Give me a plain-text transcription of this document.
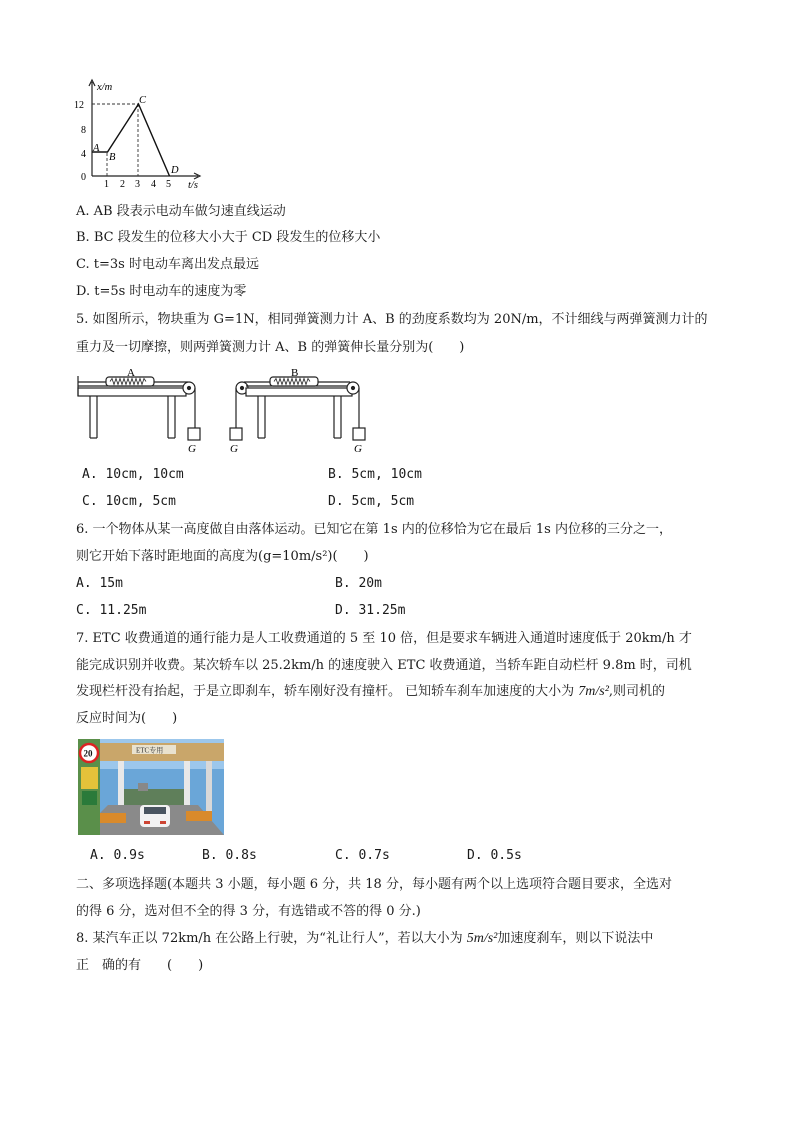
12
8
4
0
1 2 3 4 5
x/m
t/s
A
B
C
D
A. AB 段表示电动车做匀速直线运动
B. BC 段发生的位移大小大于 CD 段发生的位移大小
C. t=3s 时电动车离出发点最远
D. t=5s 时电动车的速度为零
5. 如图所示，物块重为 G=1N，相同弹簧测力计 A、B 的劲度系数均为 20N/m，不计细线与两弹簧测力计的
重力及一切摩擦，则两弹簧测力计 A、B 的弹簧伸长量分别为(　　)
A
G
B
G	G
A. 10cm, 10cm	B. 5cm, 10cm
C. 10cm, 5cm	D. 5cm, 5cm
6. 一个物体从某一高度做自由落体运动。已知它在第 1s 内的位移恰为它在最后 1s 内位移的三分之一，
则它开始下落时距地面的高度为(g=10m/s²)(　　)
A. 15m	B. 20m
C. 11.25m	D. 31.25m
7. ETC 收费通道的通行能力是人工收费通道的 5 至 10 倍，但是要求车辆进入通道时速度低于 20km/h 才
能完成识别并收费。某次轿车以 25.2km/h 的速度驶入 ETC 收费通道，当轿车距自动栏杆 9.8m 时，司机
发现栏杆没有抬起，于是立即刹车，轿车刚好没有撞杆。 已知轿车刹车加速度的大小为 7m/s²,则司机的
反应时间为(　　)
ETC专用
20
A. 0.9s	B. 0.8s	C. 0.7s	D. 0.5s
二、多项选择题(本题共 3 小题，每小题 6 分，共 18 分，每小题有两个以上选项符合题目要求，全选对
的得 6 分，选对但不全的得 3 分，有选错或不答的得 0 分.)
8. 某汽车正以 72km/h 在公路上行驶，为“礼让行人”，若以大小为 5m/s²加速度刹车，则以下说法中
正　确的有　　(　　)
